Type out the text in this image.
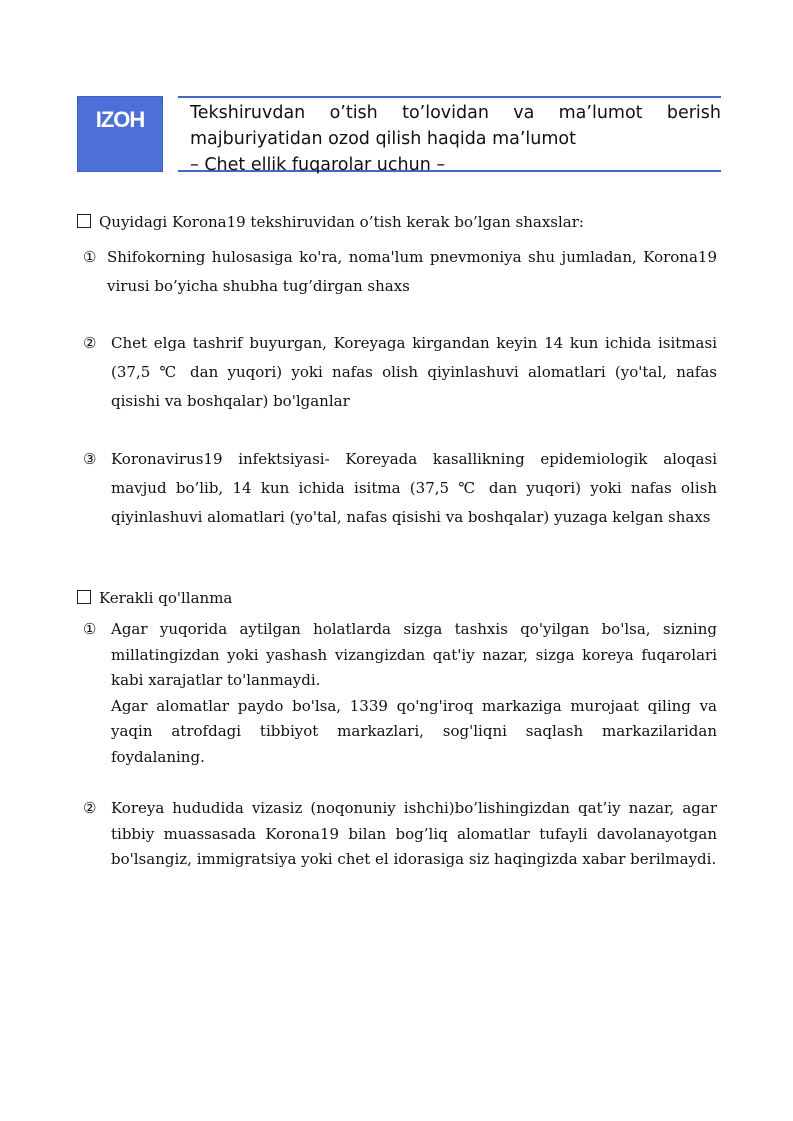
IZOH	Tekshiruvdan o’tish to’lovidan va ma’lumot berish
majburiyatidan ozod qilish haqida ma’lumot
– Chet ellik fuqarolar uchun –
Quyidagi Korona19 tekshiruvidan o’tish kerak bo’lgan shaxslar:
① Shifokorning hulosasiga ko'ra, noma'lum pnevmoniya shu jumladan, Korona19 virusi bo’yicha shubha tug’dirgan shaxs
② Chet elga tashrif buyurgan, Koreyaga kirgandan keyin 14 kun ichida isitmasi (37,5 ℃ dan yuqori) yoki nafas olish qiyinlashuvi alomatlari (yo'tal, nafas qisishi va boshqalar) bo'lganlar
③ Koronavirus19 infektsiyasi- Koreyada kasallikning epidemiologik aloqasi mavjud bo’lib, 14 kun ichida isitma (37,5 ℃ dan yuqori) yoki nafas olish qiyinlashuvi alomatlari (yo'tal, nafas qisishi va boshqalar) yuzaga kelgan shaxs
Kerakli qo'llanma
① Agar yuqorida aytilgan holatlarda sizga tashxis qo'yilgan bo'lsa, sizning millatingizdan yoki yashash vizangizdan qat'iy nazar, sizga koreya fuqarolari kabi xarajatlar to'lanmaydi.
Agar alomatlar paydo bo'lsa, 1339 qo'ng'iroq markaziga murojaat qiling va yaqin atrofdagi tibbiyot markazlari, sog'liqni saqlash markazilaridan foydalaning.
② Koreya hududida vizasiz (noqonuniy ishchi)bo’lishingizdan qat’iy nazar, agar tibbiy muassasada Korona19 bilan bog’liq alomatlar tufayli davolanayotgan bo'lsangiz, immigratsiya yoki chet el idorasiga siz haqingizda xabar berilmaydi.
